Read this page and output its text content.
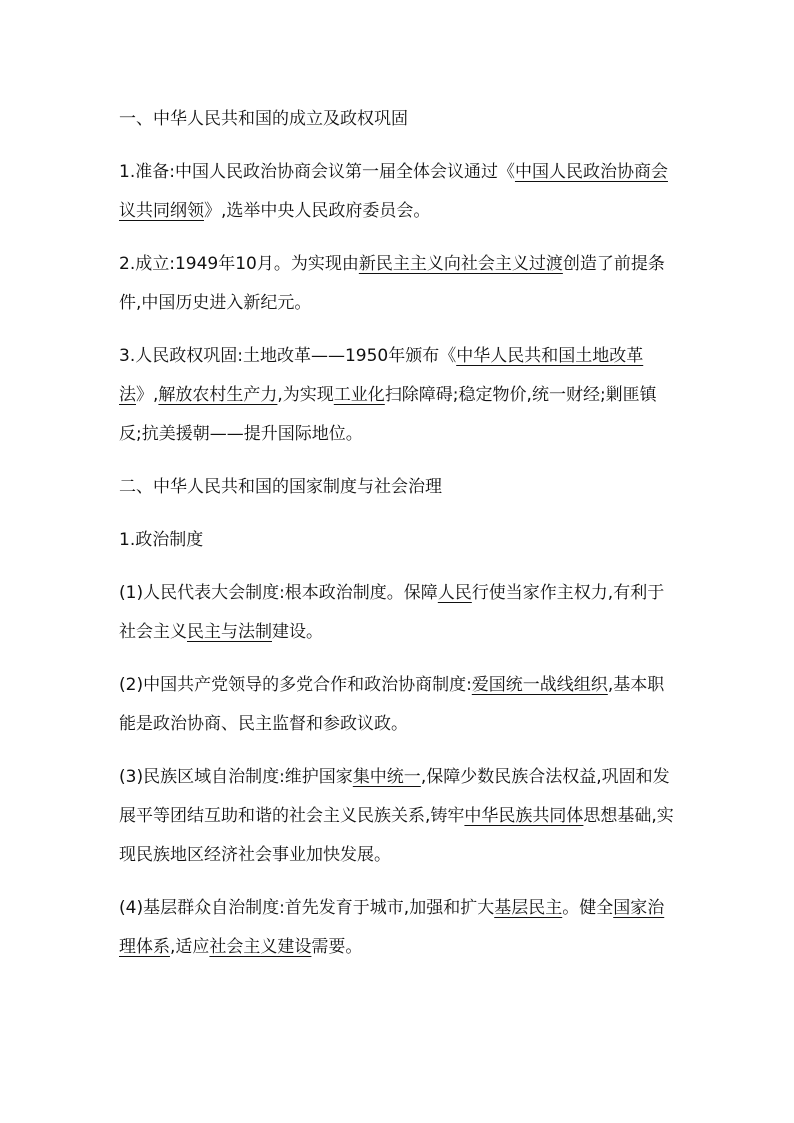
一、中华人民共和国的成立及政权巩固

1.准备:中国人民政治协商会议第一届全体会议通过《中国人民政治协商会议共同纲领》,选举中央人民政府委员会。

2.成立:1949年10月。为实现由新民主主义向社会主义过渡创造了前提条件,中国历史进入新纪元。

3.人民政权巩固:土地改革——1950年颁布《中华人民共和国土地改革法》,解放农村生产力,为实现工业化扫除障碍;稳定物价,统一财经;剿匪镇反;抗美援朝——提升国际地位。

二、中华人民共和国的国家制度与社会治理

1.政治制度

(1)人民代表大会制度:根本政治制度。保障人民行使当家作主权力,有利于社会主义民主与法制建设。

(2)中国共产党领导的多党合作和政治协商制度:爱国统一战线组织,基本职能是政治协商、民主监督和参政议政。

(3)民族区域自治制度:维护国家集中统一,保障少数民族合法权益,巩固和发展平等团结互助和谐的社会主义民族关系,铸牢中华民族共同体思想基础,实现民族地区经济社会事业加快发展。

(4)基层群众自治制度:首先发育于城市,加强和扩大基层民主。健全国家治理体系,适应社会主义建设需要。
